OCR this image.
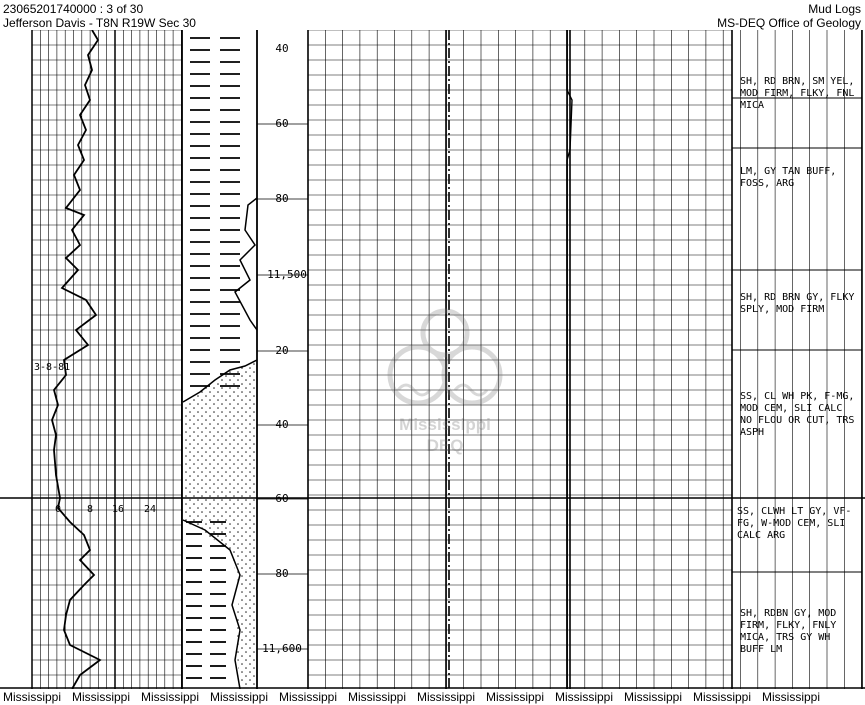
23065201740000 : 3 of 30
Jefferson Davis - T8N R19W Sec 30
Mud Logs
MS-DEQ Office of Geology
40
60
80
11,500
20
40
60
80
11,600
3-8-81
0	8 16 24
SH, RD BRN, SM YEL, MOD FIRM, FLKY, FNL MICA
LM, GY TAN BUFF, FOSS, ARG
SH, RD BRN GY, FLKY SPLY, MOD FIRM
SS, CL WH PK, F-MG, MOD CEM, SLI CALC NO FLOU OR CUT, TRS ASPH
SS, CLWH LT GY, VF- FG, W-MOD CEM, SLI CALC ARG
SH, RDBN GY, MOD FIRM, FLKY, FNLY MICA, TRS GY WH BUFF LM
Mississippi
DEQ
Mississippi Mississippi Mississippi Mississippi Mississippi Mississippi Mississippi Mississippi Mississippi Mississippi Mississippi Mississippi
